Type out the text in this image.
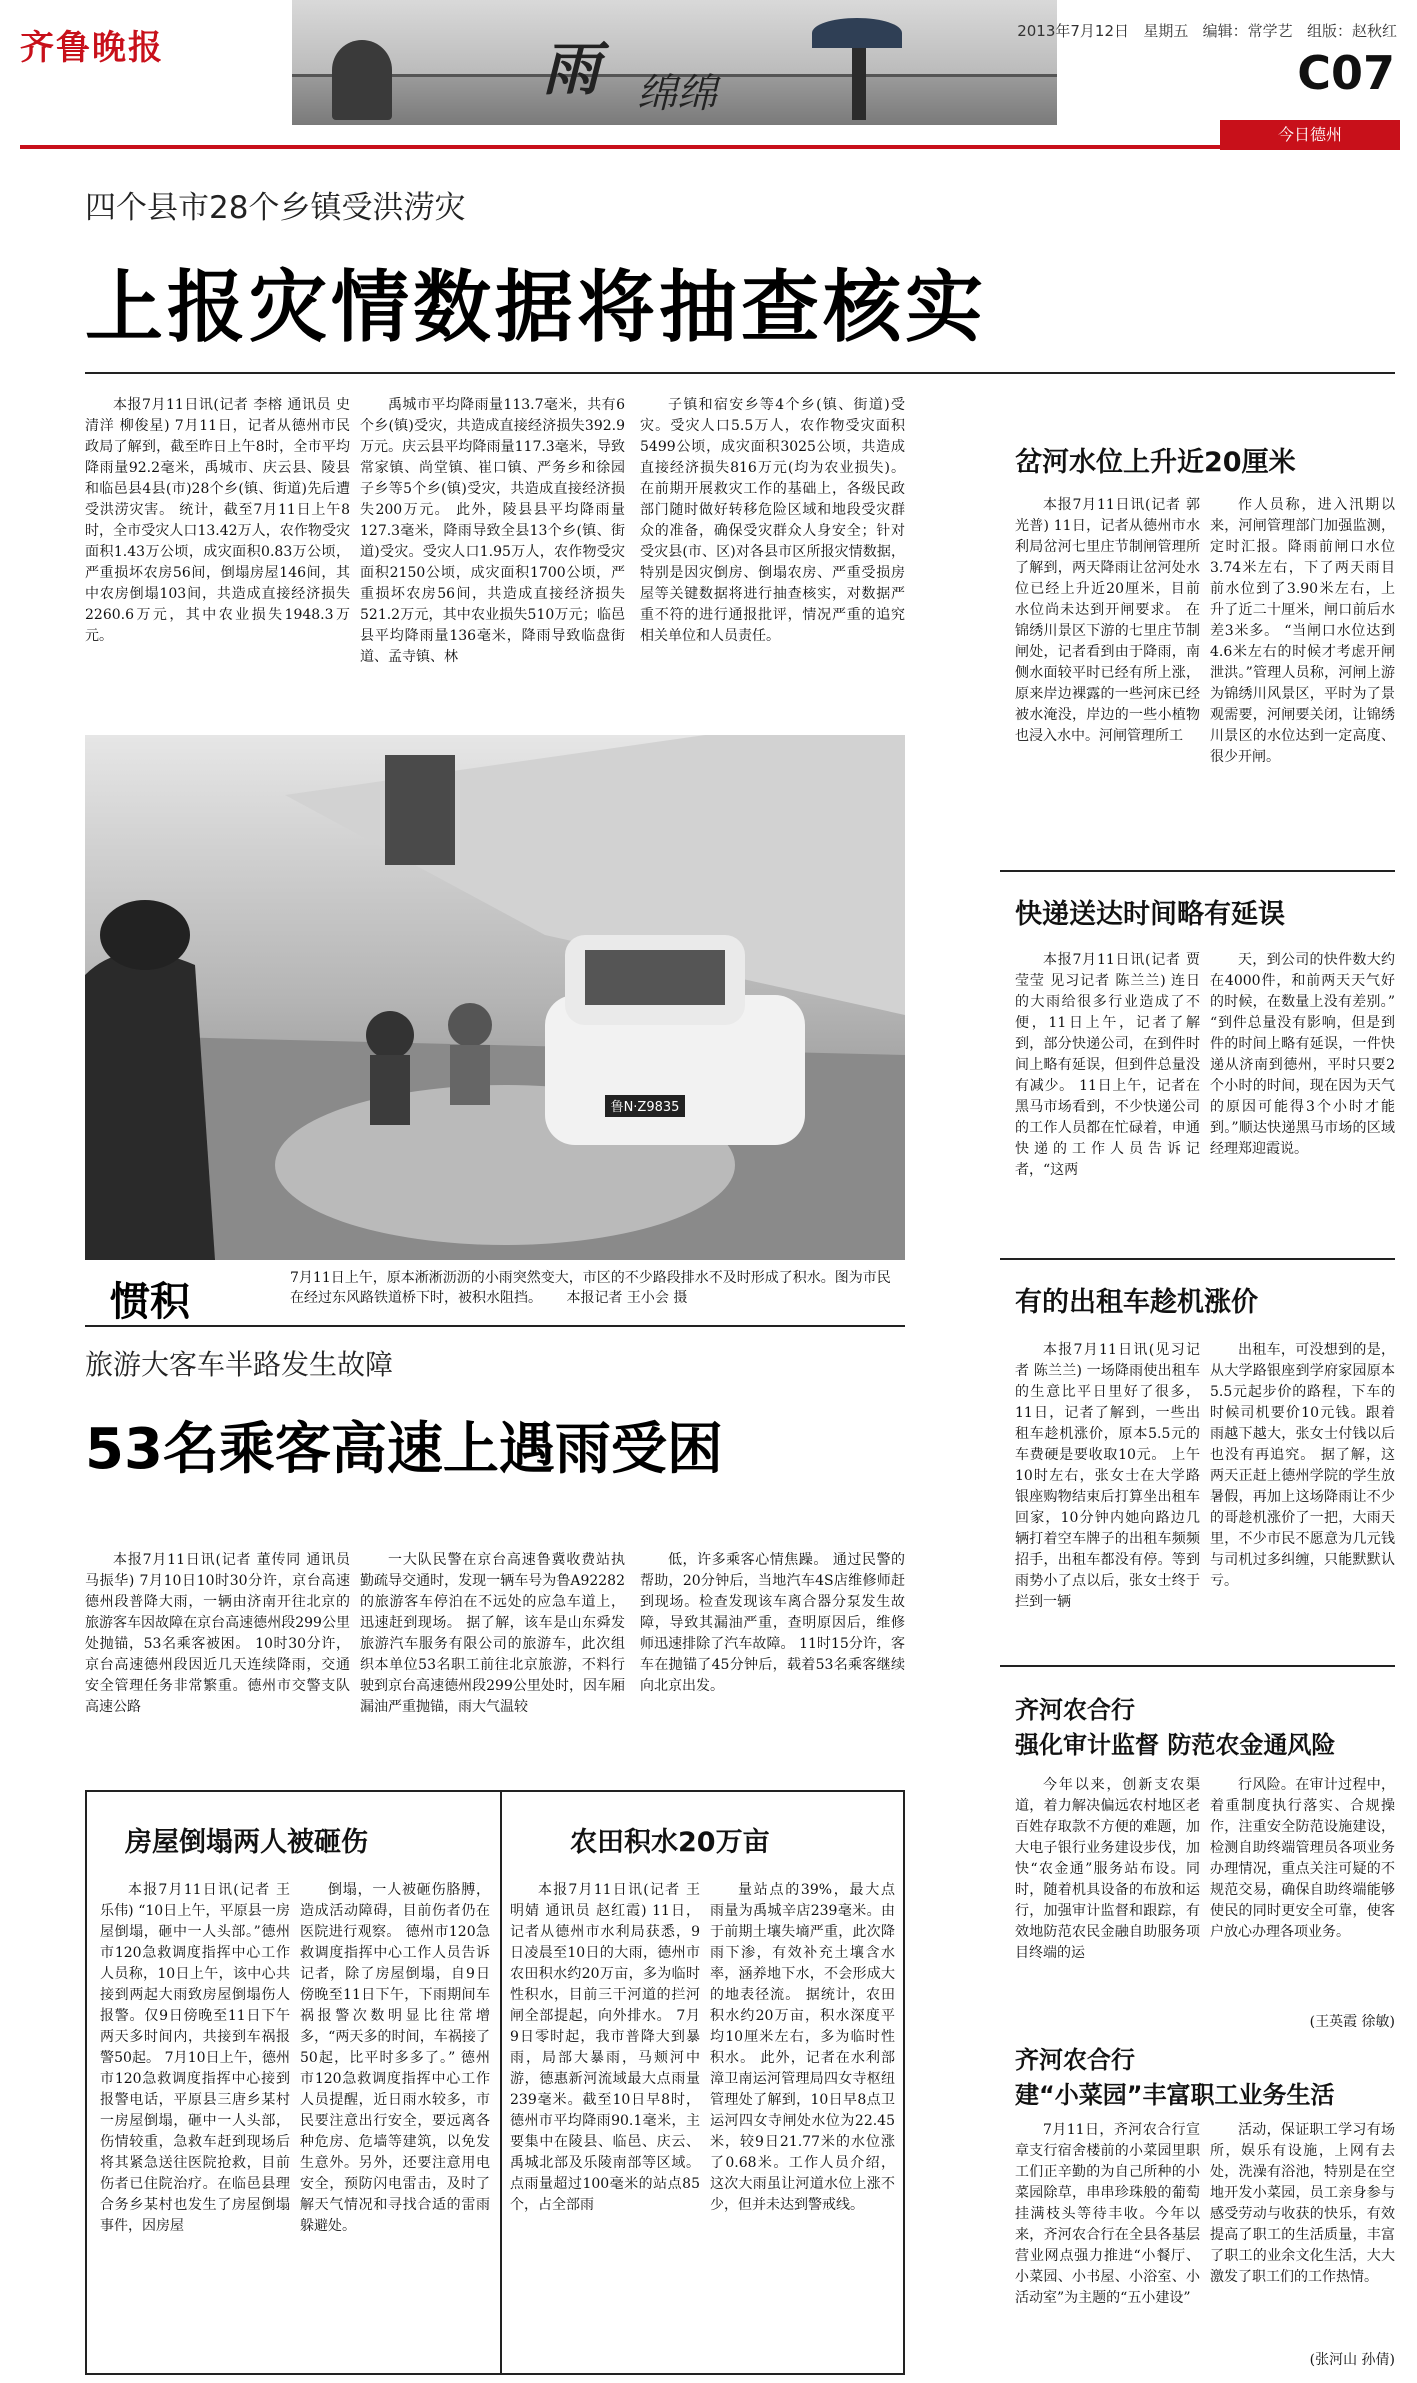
齐鲁晚报	雨 绵绵
2013年7月12日 星期五 编辑：常学艺 组版：赵秋红
C07
今日德州
四个县市28个乡镇受洪涝灾
上报灾情数据将抽查核实

本报7月11日讯(记者 李榕 通讯员 史清洋 柳俊星) 7月11日，记者从德州市民政局了解到，截至昨日上午8时，全市平均降雨量92.2毫米，禹城市、庆云县、陵县和临邑县4县(市)28个乡(镇、街道)先后遭受洪涝灾害。 统计，截至7月11日上午8时，全市受灾人口13.42万人，农作物受灾面积1.43万公顷，成灾面积0.83万公顷，严重损坏农房56间，倒塌房屋146间，其中农房倒塌103间，共造成直接经济损失2260.6万元，其中农业损失1948.3万元。

禹城市平均降雨量113.7毫米，共有6个乡(镇)受灾，共造成直接经济损失392.9万元。庆云县平均降雨量117.3毫米，导致常家镇、尚堂镇、崔口镇、严务乡和徐园子乡等5个乡(镇)受灾，共造成直接经济损失200万元。 此外，陵县县平均降雨量127.3毫米，降雨导致全县13个乡(镇、街道)受灾。受灾人口1.95万人，农作物受灾面积2150公顷，成灾面积1700公顷，严重损坏农房56间，共造成直接经济损失521.2万元，其中农业损失510万元；临邑县平均降雨量136毫米，降雨导致临盘街道、孟寺镇、林

子镇和宿安乡等4个乡(镇、街道)受灾。受灾人口5.5万人，农作物受灾面积5499公顷，成灾面积3025公顷，共造成直接经济损失816万元(均为农业损失)。 在前期开展救灾工作的基础上，各级民政部门随时做好转移危险区域和地段受灾群众的准备，确保受灾群众人身安全；针对受灾县(市、区)对各县市区所报灾情数据，特别是因灾倒房、倒塌农房、严重受损房屋等关键数据将进行抽查核实，对数据严重不符的进行通报批评，情况严重的追究相关单位和人员责任。

鲁N·Z9835
惯积
7月11日上午，原本淅淅沥沥的小雨突然变大，市区的不少路段排水不及时形成了积水。图为市民在经过东风路铁道桥下时，被积水阻挡。 本报记者 王小会 摄
旅游大客车半路发生故障
53名乘客高速上遇雨受困

本报7月11日讯(记者 董传同 通讯员 马振华) 7月10日10时30分许，京台高速德州段普降大雨，一辆由济南开往北京的旅游客车因故障在京台高速德州段299公里处抛锚，53名乘客被困。 10时30分许，京台高速德州段因近几天连续降雨，交通安全管理任务非常繁重。德州市交警支队高速公路

一大队民警在京台高速鲁冀收费站执勤疏导交通时，发现一辆车号为鲁A92282的旅游客车停泊在不远处的应急车道上，迅速赶到现场。 据了解，该车是山东舜发旅游汽车服务有限公司的旅游车，此次组织本单位53名职工前往北京旅游，不料行驶到京台高速德州段299公里处时，因车厢漏油严重抛锚，雨大气温较

低，许多乘客心情焦躁。 通过民警的帮助，20分钟后，当地汽车4S店维修师赶到现场。检查发现该车离合器分泵发生故障，导致其漏油严重，查明原因后，维修师迅速排除了汽车故障。 11时15分许，客车在抛锚了45分钟后，载着53名乘客继续向北京出发。

房屋倒塌两人被砸伤

本报7月11日讯(记者 王乐伟) “10日上午，平原县一房屋倒塌，砸中一人头部。”德州市120急救调度指挥中心工作人员称，10日上午，该中心共接到两起大雨致房屋倒塌伤人报警。仅9日傍晚至11日下午两天多时间内，共接到车祸报警50起。 7月10日上午，德州市120急救调度指挥中心接到报警电话，平原县三唐乡某村一房屋倒塌，砸中一人头部，伤情较重，急救车赶到现场后将其紧急送往医院抢救，目前伤者已住院治疗。在临邑县理合务乡某村也发生了房屋倒塌事件，因房屋

倒塌，一人被砸伤胳膊，造成活动障碍，目前伤者仍在医院进行观察。 德州市120急救调度指挥中心工作人员告诉记者，除了房屋倒塌，自9日傍晚至11日下午，下雨期间车祸报警次数明显比往常增多，“两天多的时间，车祸接了50起，比平时多多了。” 德州市120急救调度指挥中心工作人员提醒，近日雨水较多，市民要注意出行安全，要远离各种危房、危墙等建筑，以免发生意外。另外，还要注意用电安全，预防闪电雷击，及时了解天气情况和寻找合适的雷雨躲避处。

农田积水20万亩

本报7月11日讯(记者 王明婧 通讯员 赵红霞) 11日，记者从德州市水利局获悉，9日凌晨至10日的大雨，德州市农田积水约20万亩，多为临时性积水，目前三干河道的拦河闸全部提起，向外排水。 7月9日零时起，我市普降大到暴雨，局部大暴雨，马颊河中游，德惠新河流域最大点雨量239毫米。截至10日早8时，德州市平均降雨90.1毫米，主要集中在陵县、临邑、庆云、禹城北部及乐陵南部等区域。点雨量超过100毫米的站点85个，占全部雨

量站点的39%，最大点雨量为禹城辛店239毫米。由于前期土壤失墒严重，此次降雨下渗，有效补充土壤含水率，涵养地下水，不会形成大的地表径流。 据统计，农田积水约20万亩，积水深度平均10厘米左右，多为临时性积水。 此外，记者在水利部漳卫南运河管理局四女寺枢纽管理处了解到，10日早8点卫运河四女寺闸处水位为22.45米，较9日21.77米的水位涨了0.68米。工作人员介绍，这次大雨虽让河道水位上涨不少，但并未达到警戒线。

岔河水位上升近20厘米

本报7月11日讯(记者 郭光普) 11日，记者从德州市水利局岔河七里庄节制闸管理所了解到，两天降雨让岔河处水位已经上升近20厘米，目前水位尚未达到开闸要求。 在锦绣川景区下游的七里庄节制闸处，记者看到由于降雨，南侧水面较平时已经有所上涨，原来岸边裸露的一些河床已经被水淹没，岸边的一些小植物也浸入水中。河闸管理所工

作人员称，进入汛期以来，河闸管理部门加强监测，定时汇报。降雨前闸口水位3.74米左右，下了两天雨目前水位到了3.90米左右，上升了近二十厘米，闸口前后水差3米多。 “当闸口水位达到4.6米左右的时候才考虑开闸泄洪。”管理人员称，河闸上游为锦绣川风景区，平时为了景观需要，河闸要关闭，让锦绣川景区的水位达到一定高度、很少开闸。

快递送达时间略有延误

本报7月11日讯(记者 贾莹莹 见习记者 陈兰兰) 连日的大雨给很多行业造成了不便，11日上午，记者了解到，部分快递公司，在到件时间上略有延误，但到件总量没有减少。 11日上午，记者在黑马市场看到，不少快递公司的工作人员都在忙碌着，申通快递的工作人员告诉记者，“这两

天，到公司的快件数大约在4000件，和前两天天气好的时候，在数量上没有差别。” “到件总量没有影响，但是到件的时间上略有延误，一件快递从济南到德州，平时只要2个小时的时间，现在因为天气的原因可能得3个小时才能到。”顺达快递黑马市场的区域经理郑迎霞说。

有的出租车趁机涨价

本报7月11日讯(见习记者 陈兰兰) 一场降雨使出租车的生意比平日里好了很多，11日，记者了解到，一些出租车趁机涨价，原本5.5元的车费硬是要收取10元。 上午10时左右，张女士在大学路银座购物结束后打算坐出租车回家，10分钟内她向路边几辆打着空车牌子的出租车频频招手，出租车都没有停。等到雨势小了点以后，张女士终于拦到一辆

出租车，可没想到的是，从大学路银座到学府家园原本5.5元起步价的路程，下车的时候司机要价10元钱。跟着雨越下越大，张女士付钱以后也没有再追究。 据了解，这两天正赶上德州学院的学生放暑假，再加上这场降雨让不少的哥趁机涨价了一把，大雨天里，不少市民不愿意为几元钱与司机过多纠缠，只能默默认亏。

齐河农合行
强化审计监督 防范农金通风险

今年以来，创新支农渠道，着力解决偏远农村地区老百姓存取款不方便的难题，加大电子银行业务建设步伐，加快“农金通”服务站布设。同时，随着机具设备的布放和运行，加强审计监督和跟踪，有效地防范农民金融自助服务项目终端的运

行风险。在审计过程中，着重制度执行落实、合规操作，注重安全防范设施建设，检测自助终端管理员各项业务办理情况，重点关注可疑的不规范交易，确保自助终端能够使民的同时更安全可靠，使客户放心办理各项业务。

(王英霞 徐敏)
齐河农合行
建“小菜园”丰富职工业务生活

7月11日，齐河农合行宣章支行宿舍楼前的小菜园里职工们正辛勤的为自己所种的小菜园除草，串串珍珠般的葡萄挂满枝头等待丰收。今年以来，齐河农合行在全县各基层营业网点强力推进“小餐厅、小菜园、小书屋、小浴室、小活动室”为主题的“五小建设”

活动，保证职工学习有场所，娱乐有设施，上网有去处，洗澡有浴池，特别是在空地开发小菜园，员工亲身参与感受劳动与收获的快乐，有效提高了职工的生活质量，丰富了职工的业余文化生活，大大激发了职工们的工作热情。

(张河山 孙倩)
